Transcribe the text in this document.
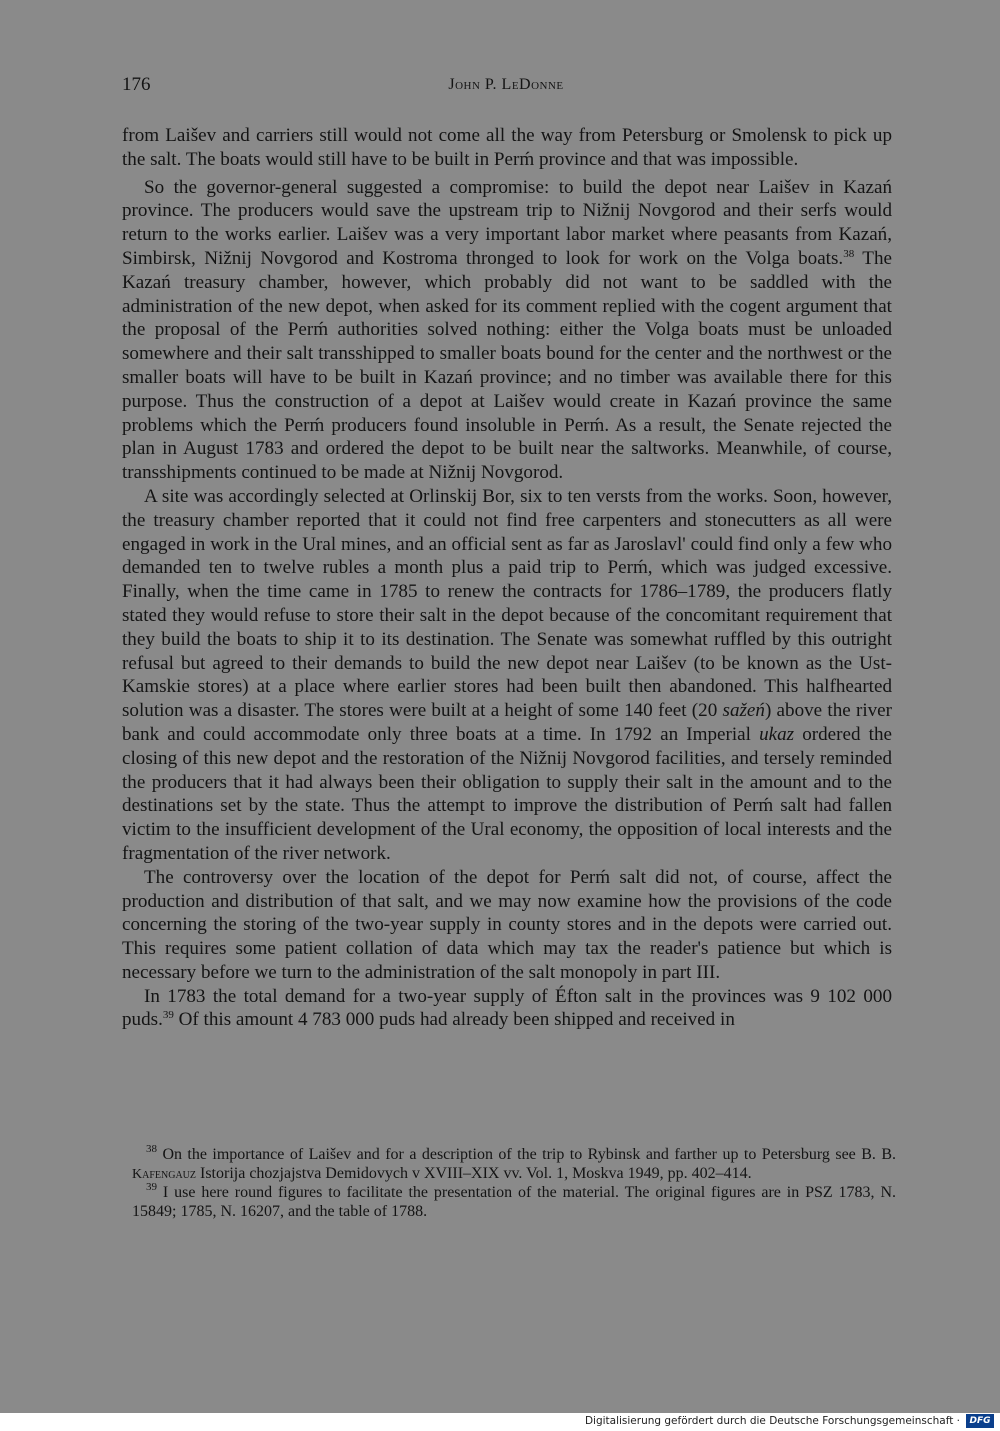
176	John P. LeDonne

from Laišev and carriers still would not come all the way from Petersburg or Smolensk to pick up the salt. The boats would still have to be built in Perḿ province and that was impossible.

So the governor-general suggested a compromise: to build the depot near Laišev in Kazań province. The producers would save the upstream trip to Nižnij Novgorod and their serfs would return to the works earlier. Laišev was a very important labor market where peasants from Kazań, Simbirsk, Nižnij Novgorod and Kostroma thronged to look for work on the Volga boats.$^{38}$ The Kazań treasury chamber, however, which probably did not want to be saddled with the administration of the new depot, when asked for its comment replied with the cogent argument that the proposal of the Perḿ authorities solved nothing: either the Volga boats must be unloaded somewhere and their salt transshipped to smaller boats bound for the center and the northwest or the smaller boats will have to be built in Kazań province; and no timber was available there for this purpose. Thus the construction of a depot at Laišev would create in Kazań province the same problems which the Perḿ producers found insoluble in Perḿ. As a result, the Senate rejected the plan in August 1783 and ordered the depot to be built near the saltworks. Meanwhile, of course, transshipments continued to be made at Nižnij Novgorod.

A site was accordingly selected at Orlinskij Bor, six to ten versts from the works. Soon, however, the treasury chamber reported that it could not find free carpenters and stonecutters as all were engaged in work in the Ural mines, and an official sent as far as Jaroslavl' could find only a few who demanded ten to twelve rubles a month plus a paid trip to Perḿ, which was judged excessive. Finally, when the time came in 1785 to renew the contracts for 1786–1789, the producers flatly stated they would refuse to store their salt in the depot because of the concomitant requirement that they build the boats to ship it to its destination. The Senate was somewhat ruffled by this outright refusal but agreed to their demands to build the new depot near Laišev (to be known as the Ust-Kamskie stores) at a place where earlier stores had been built then abandoned. This halfhearted solution was a disaster. The stores were built at a height of some 140 feet (20 sažeń) above the river bank and could accommodate only three boats at a time. In 1792 an Imperial ukaz ordered the closing of this new depot and the restoration of the Nižnij Novgorod facilities, and tersely reminded the producers that it had always been their obligation to supply their salt in the amount and to the destinations set by the state. Thus the attempt to improve the distribution of Perḿ salt had fallen victim to the insufficient development of the Ural economy, the opposition of local interests and the fragmentation of the river network.

The controversy over the location of the depot for Perḿ salt did not, of course, affect the production and distribution of that salt, and we may now examine how the provisions of the code concerning the storing of the two-year supply in county stores and in the depots were carried out. This requires some patient collation of data which may tax the reader's patience but which is necessary before we turn to the administration of the salt monopoly in part III.

In 1783 the total demand for a two-year supply of Éfton salt in the provinces was 9 102 000 puds.$^{39}$ Of this amount 4 783 000 puds had already been shipped and received in

$^{38}$ On the importance of Laišev and for a description of the trip to Rybinsk and farther up to Petersburg see B. B. Kafengauz Istorija chozjajstva Demidovych v XVIII–XIX vv. Vol. 1, Moskva 1949, pp. 402–414.

$^{39}$ I use here round figures to facilitate the presentation of the material. The original figures are in PSZ 1783, N. 15849; 1785, N. 16207, and the table of 1788.

Digitalisierung gefördert durch die Deutsche Forschungsgemeinschaft ·	DFG
